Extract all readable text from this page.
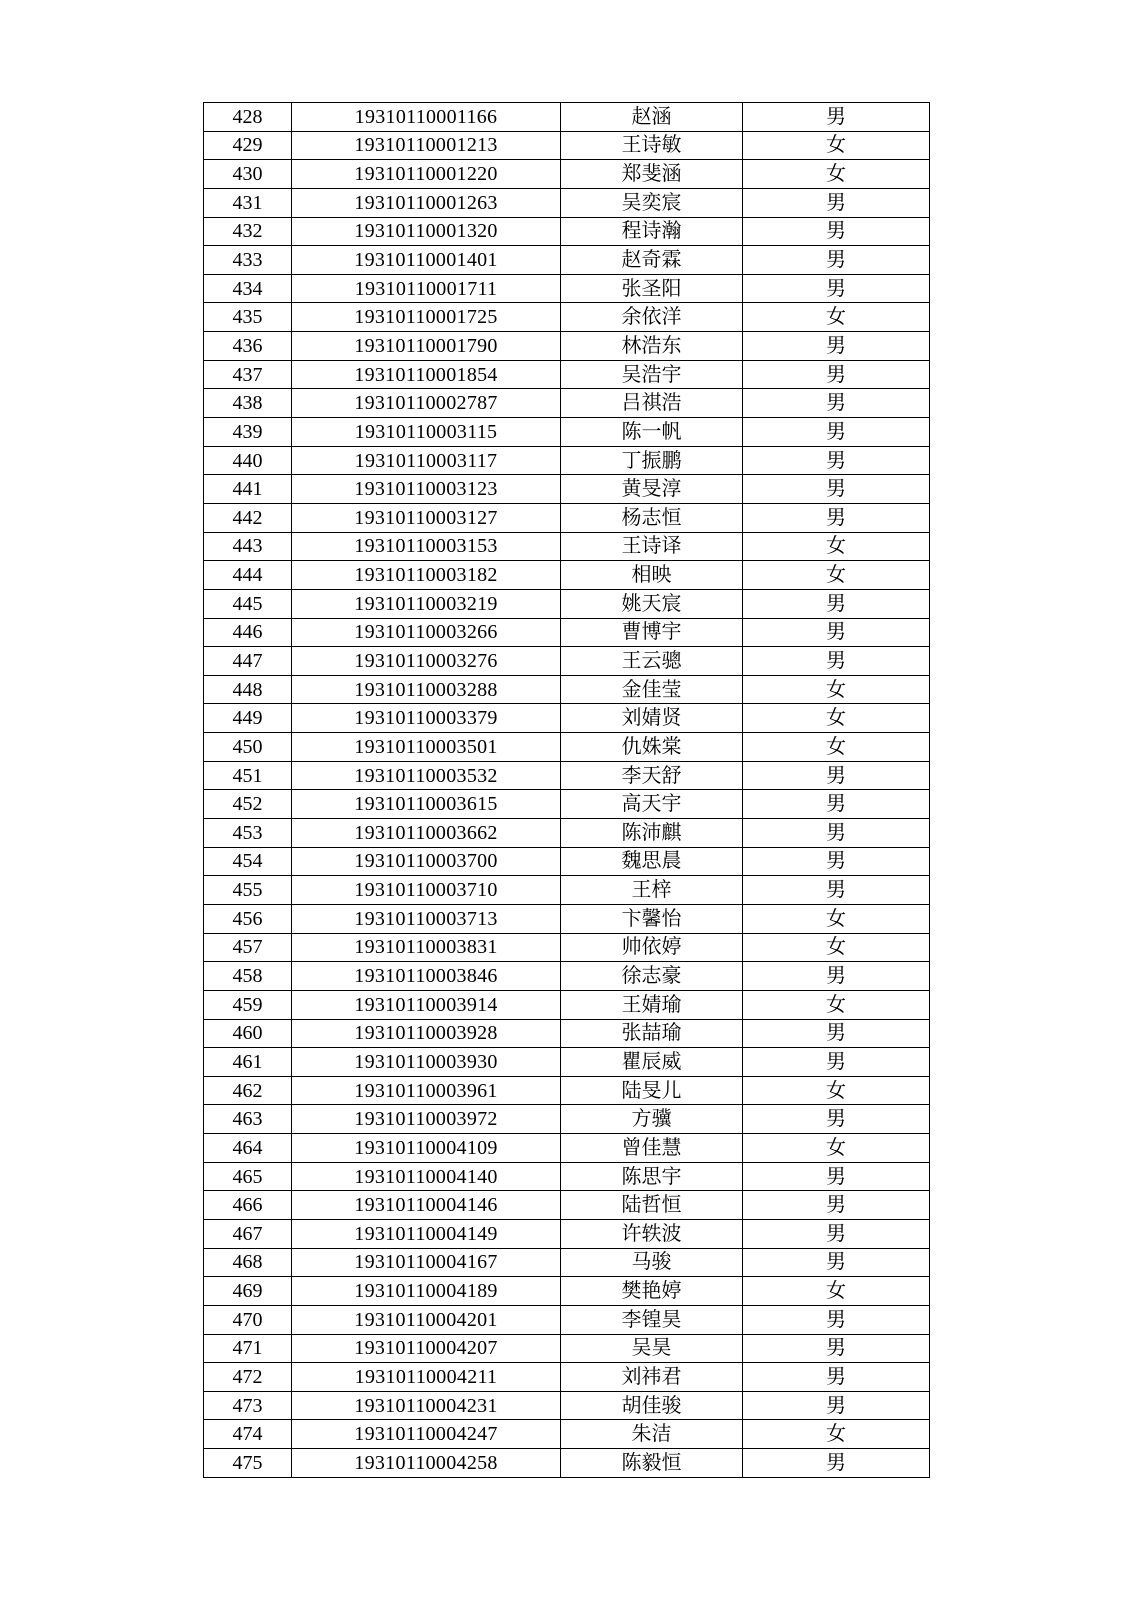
428	19310110001166	赵涵	男
429	19310110001213	王诗敏	女
430	19310110001220	郑斐涵	女
431	19310110001263	吴奕宸	男
432	19310110001320	程诗瀚	男
433	19310110001401	赵奇霖	男
434	19310110001711	张圣阳	男
435	19310110001725	余依洋	女
436	19310110001790	林浩东	男
437	19310110001854	吴浩宇	男
438	19310110002787	吕祺浩	男
439	19310110003115	陈一帆	男
440	19310110003117	丁振鹏	男
441	19310110003123	黄旻淳	男
442	19310110003127	杨志恒	男
443	19310110003153	王诗译	女
444	19310110003182	相映	女
445	19310110003219	姚天宸	男
446	19310110003266	曹博宇	男
447	19310110003276	王云骢	男
448	19310110003288	金佳莹	女
449	19310110003379	刘婧贤	女
450	19310110003501	仇姝棠	女
451	19310110003532	李天舒	男
452	19310110003615	高天宇	男
453	19310110003662	陈沛麒	男
454	19310110003700	魏思晨	男
455	19310110003710	王梓	男
456	19310110003713	卞馨怡	女
457	19310110003831	帅依婷	女
458	19310110003846	徐志豪	男
459	19310110003914	王婧瑜	女
460	19310110003928	张喆瑜	男
461	19310110003930	瞿辰威	男
462	19310110003961	陆旻儿	女
463	19310110003972	方骥	男
464	19310110004109	曾佳慧	女
465	19310110004140	陈思宇	男
466	19310110004146	陆哲恒	男
467	19310110004149	许轶波	男
468	19310110004167	马骏	男
469	19310110004189	樊艳婷	女
470	19310110004201	李锽昊	男
471	19310110004207	吴昊	男
472	19310110004211	刘祎君	男
473	19310110004231	胡佳骏	男
474	19310110004247	朱洁	女
475	19310110004258	陈毅恒	男
